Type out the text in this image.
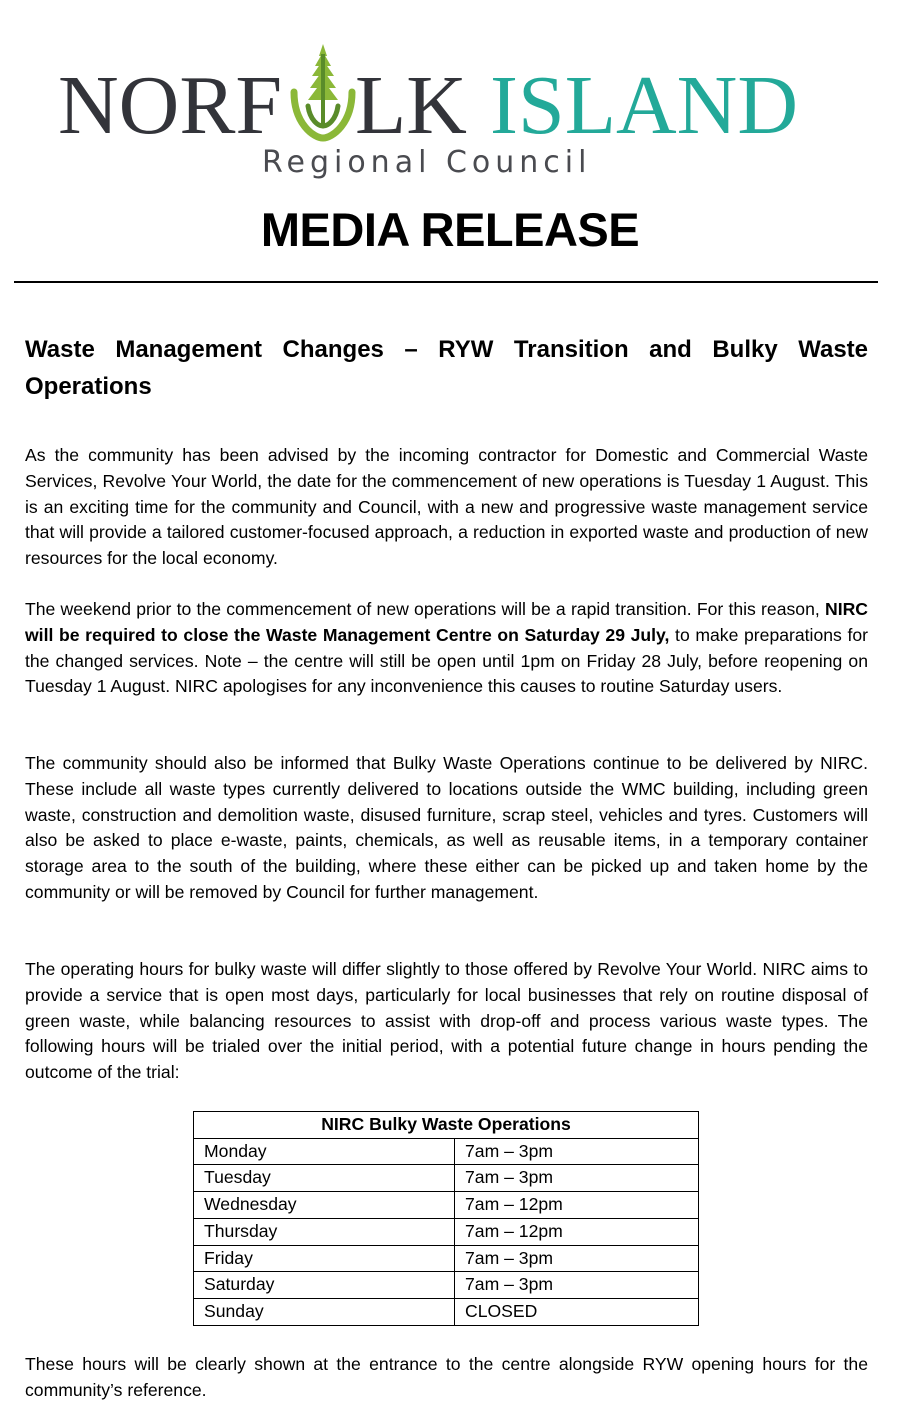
NORF LK ISLAND
Regional Council
MEDIA RELEASE
Waste Management Changes – RYW Transition and Bulky Waste Operations

As the community has been advised by the incoming contractor for Domestic and Commercial Waste Services, Revolve Your World, the date for the commencement of new operations is Tuesday 1 August. This is an exciting time for the community and Council, with a new and progressive waste management service that will provide a tailored customer-focused approach, a reduction in exported waste and production of new resources for the local economy.

The weekend prior to the commencement of new operations will be a rapid transition. For this reason, NIRC will be required to close the Waste Management Centre on Saturday 29 July, to make preparations for the changed services. Note – the centre will still be open until 1pm on Friday 28 July, before reopening on Tuesday 1 August. NIRC apologises for any inconvenience this causes to routine Saturday users.

The community should also be informed that Bulky Waste Operations continue to be delivered by NIRC. These include all waste types currently delivered to locations outside the WMC building, including green waste, construction and demolition waste, disused furniture, scrap steel, vehicles and tyres. Customers will also be asked to place e-waste, paints, chemicals, as well as reusable items, in a temporary container storage area to the south of the building, where these either can be picked up and taken home by the community or will be removed by Council for further management.

The operating hours for bulky waste will differ slightly to those offered by Revolve Your World. NIRC aims to provide a service that is open most days, particularly for local businesses that rely on routine disposal of green waste, while balancing resources to assist with drop-off and process various waste types. The following hours will be trialed over the initial period, with a potential future change in hours pending the outcome of the trial:

NIRC Bulky Waste Operations	
Monday	7am – 3pm
Tuesday	7am – 3pm
Wednesday	7am – 12pm
Thursday	7am – 12pm
Friday	7am – 3pm
Saturday	7am – 3pm
Sunday	CLOSED

These hours will be clearly shown at the entrance to the centre alongside RYW opening hours for the community’s reference.
